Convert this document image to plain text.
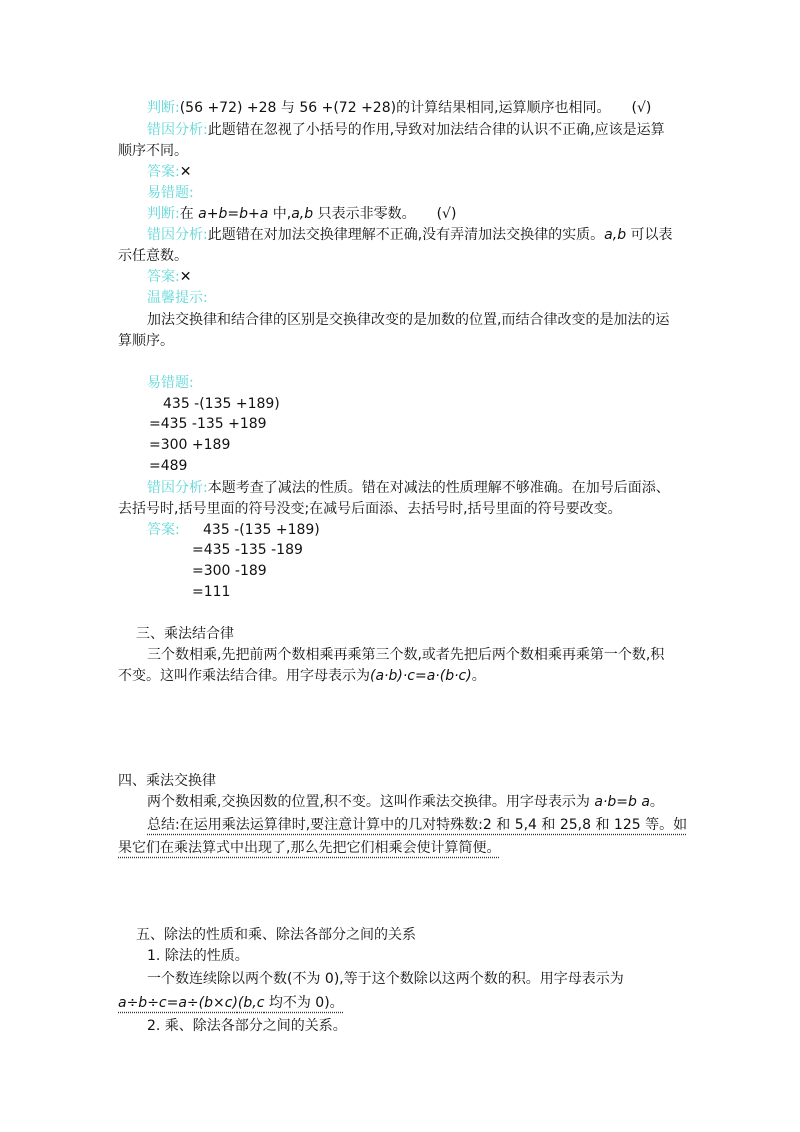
判断:(56 +72) +28 与 56 +(72 +28)的计算结果相同,运算顺序也相同。　　(√)
错因分析:此题错在忽视了小括号的作用,导致对加法结合律的认识不正确,应该是运算
顺序不同。
答案:✕
易错题:
判断:在 a+b=b+a 中,a,b 只表示非零数。　　(√)
错因分析:此题错在对加法交换律理解不正确,没有弄清加法交换律的实质。a,b 可以表
示任意数。
答案:✕
温馨提示:
加法交换律和结合律的区别是交换律改变的是加数的位置,而结合律改变的是加法的运
算顺序。
易错题:
435 -(135 +189)
=435 -135 +189
=300 +189
=489
错因分析:本题考查了减法的性质。错在对减法的性质理解不够准确。在加号后面添、
去括号时,括号里面的符号没变;在减号后面添、去括号时,括号里面的符号要改变。
答案: 435 -(135 +189)
=435 -135 -189
=300 -189
=111
三、乘法结合律
三个数相乘,先把前两个数相乘再乘第三个数,或者先把后两个数相乘再乘第一个数,积
不变。这叫作乘法结合律。用字母表示为(a·b)·c=a·(b·c)。
四、乘法交换律
两个数相乘,交换因数的位置,积不变。这叫作乘法交换律。用字母表示为 a·b=b a。
总结:在运用乘法运算律时,要注意计算中的几对特殊数:2 和 5,4 和 25,8 和 125 等。如
果它们在乘法算式中出现了,那么先把它们相乘会使计算简便。
五、除法的性质和乘、除法各部分之间的关系
1. 除法的性质。
一个数连续除以两个数(不为 0),等于这个数除以这两个数的积。用字母表示为
a÷b÷c=a÷(b×c)(b,c 均不为 0)。
2. 乘、除法各部分之间的关系。
